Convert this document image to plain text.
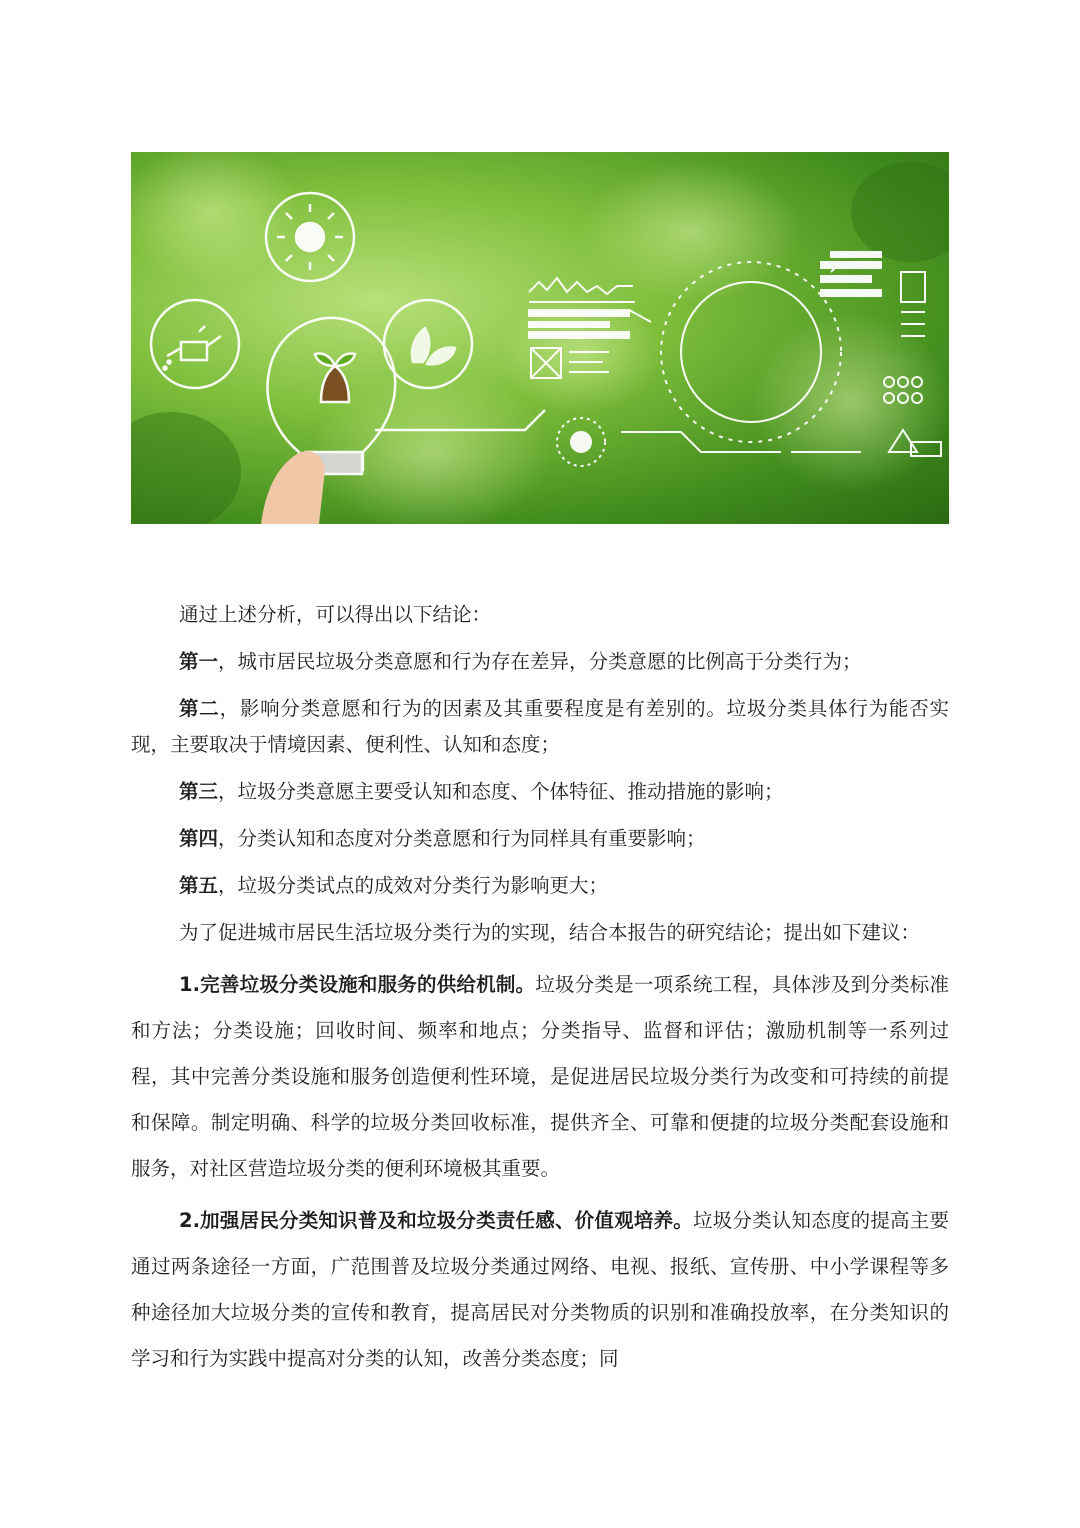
通过上述分析，可以得出以下结论：

第一，城市居民垃圾分类意愿和行为存在差异，分类意愿的比例高于分类行为；

第二，影响分类意愿和行为的因素及其重要程度是有差别的。垃圾分类具体行为能否实现，主要取决于情境因素、便利性、认知和态度；

第三，垃圾分类意愿主要受认知和态度、个体特征、推动措施的影响；

第四，分类认知和态度对分类意愿和行为同样具有重要影响；

第五，垃圾分类试点的成效对分类行为影响更大；

为了促进城市居民生活垃圾分类行为的实现，结合本报告的研究结论；提出如下建议：

1.完善垃圾分类设施和服务的供给机制。垃圾分类是一项系统工程，具体涉及到分类标准和方法；分类设施；回收时间、频率和地点；分类指导、监督和评估；激励机制等一系列过程，其中完善分类设施和服务创造便利性环境，是促进居民垃圾分类行为改变和可持续的前提和保障。制定明确、科学的垃圾分类回收标准，提供齐全、可靠和便捷的垃圾分类配套设施和服务，对社区营造垃圾分类的便利环境极其重要。

2.加强居民分类知识普及和垃圾分类责任感、价值观培养。垃圾分类认知态度的提高主要通过两条途径一方面，广范围普及垃圾分类通过网络、电视、报纸、宣传册、中小学课程等多种途径加大垃圾分类的宣传和教育，提高居民对分类物质的识别和准确投放率，在分类知识的学习和行为实践中提高对分类的认知，改善分类态度；同
